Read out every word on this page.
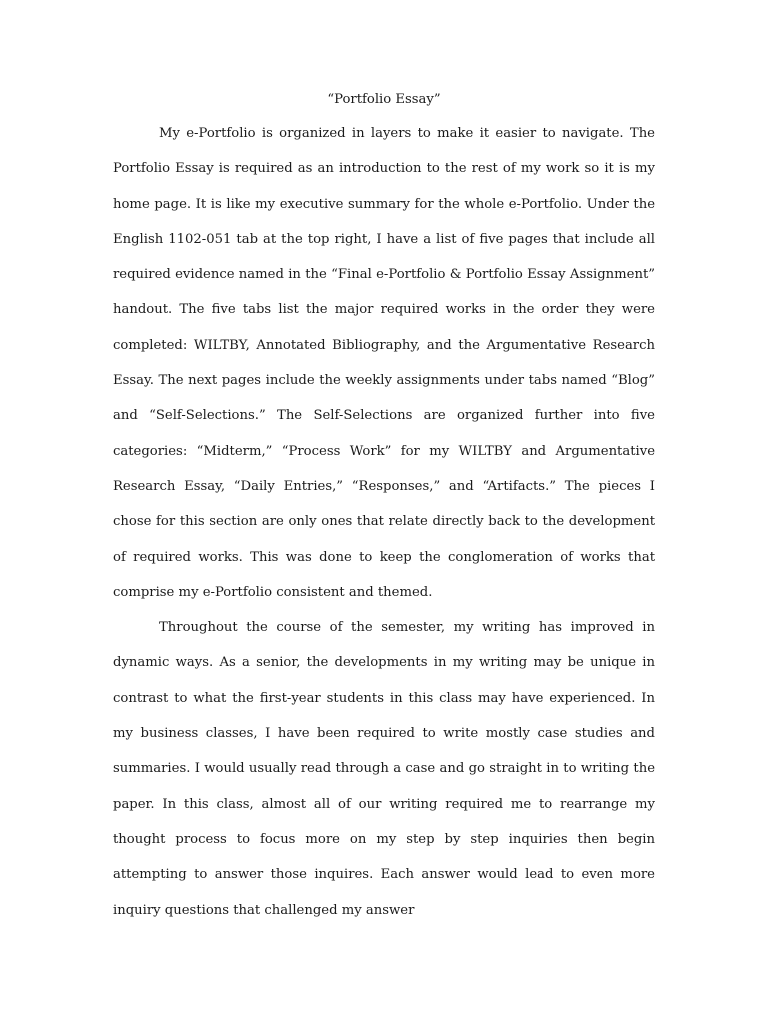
“Portfolio Essay”

My e-Portfolio is organized in layers to make it easier to navigate. The Portfolio Essay is required as an introduction to the rest of my work so it is my home page. It is like my executive summary for the whole e-Portfolio. Under the English 1102-051 tab at the top right, I have a list of five pages that include all required evidence named in the “Final e-Portfolio & Portfolio Essay Assignment” handout. The five tabs list the major required works in the order they were completed: WILTBY, Annotated Bibliography, and the Argumentative Research Essay. The next pages include the weekly assignments under tabs named “Blog” and “Self-Selections.” The Self-Selections are organized further into five categories: “Midterm,” “Process Work” for my WILTBY and Argumentative Research Essay, “Daily Entries,” “Responses,” and “Artifacts.” The pieces I chose for this section are only ones that relate directly back to the development of required works. This was done to keep the conglomeration of works that comprise my e-Portfolio consistent and themed.

Throughout the course of the semester, my writing has improved in dynamic ways. As a senior, the developments in my writing may be unique in contrast to what the first-year students in this class may have experienced. In my business classes, I have been required to write mostly case studies and summaries. I would usually read through a case and go straight in to writing the paper. In this class, almost all of our writing required me to rearrange my thought process to focus more on my step by step inquiries then begin attempting to answer those inquires. Each answer would lead to even more inquiry questions that challenged my answer
